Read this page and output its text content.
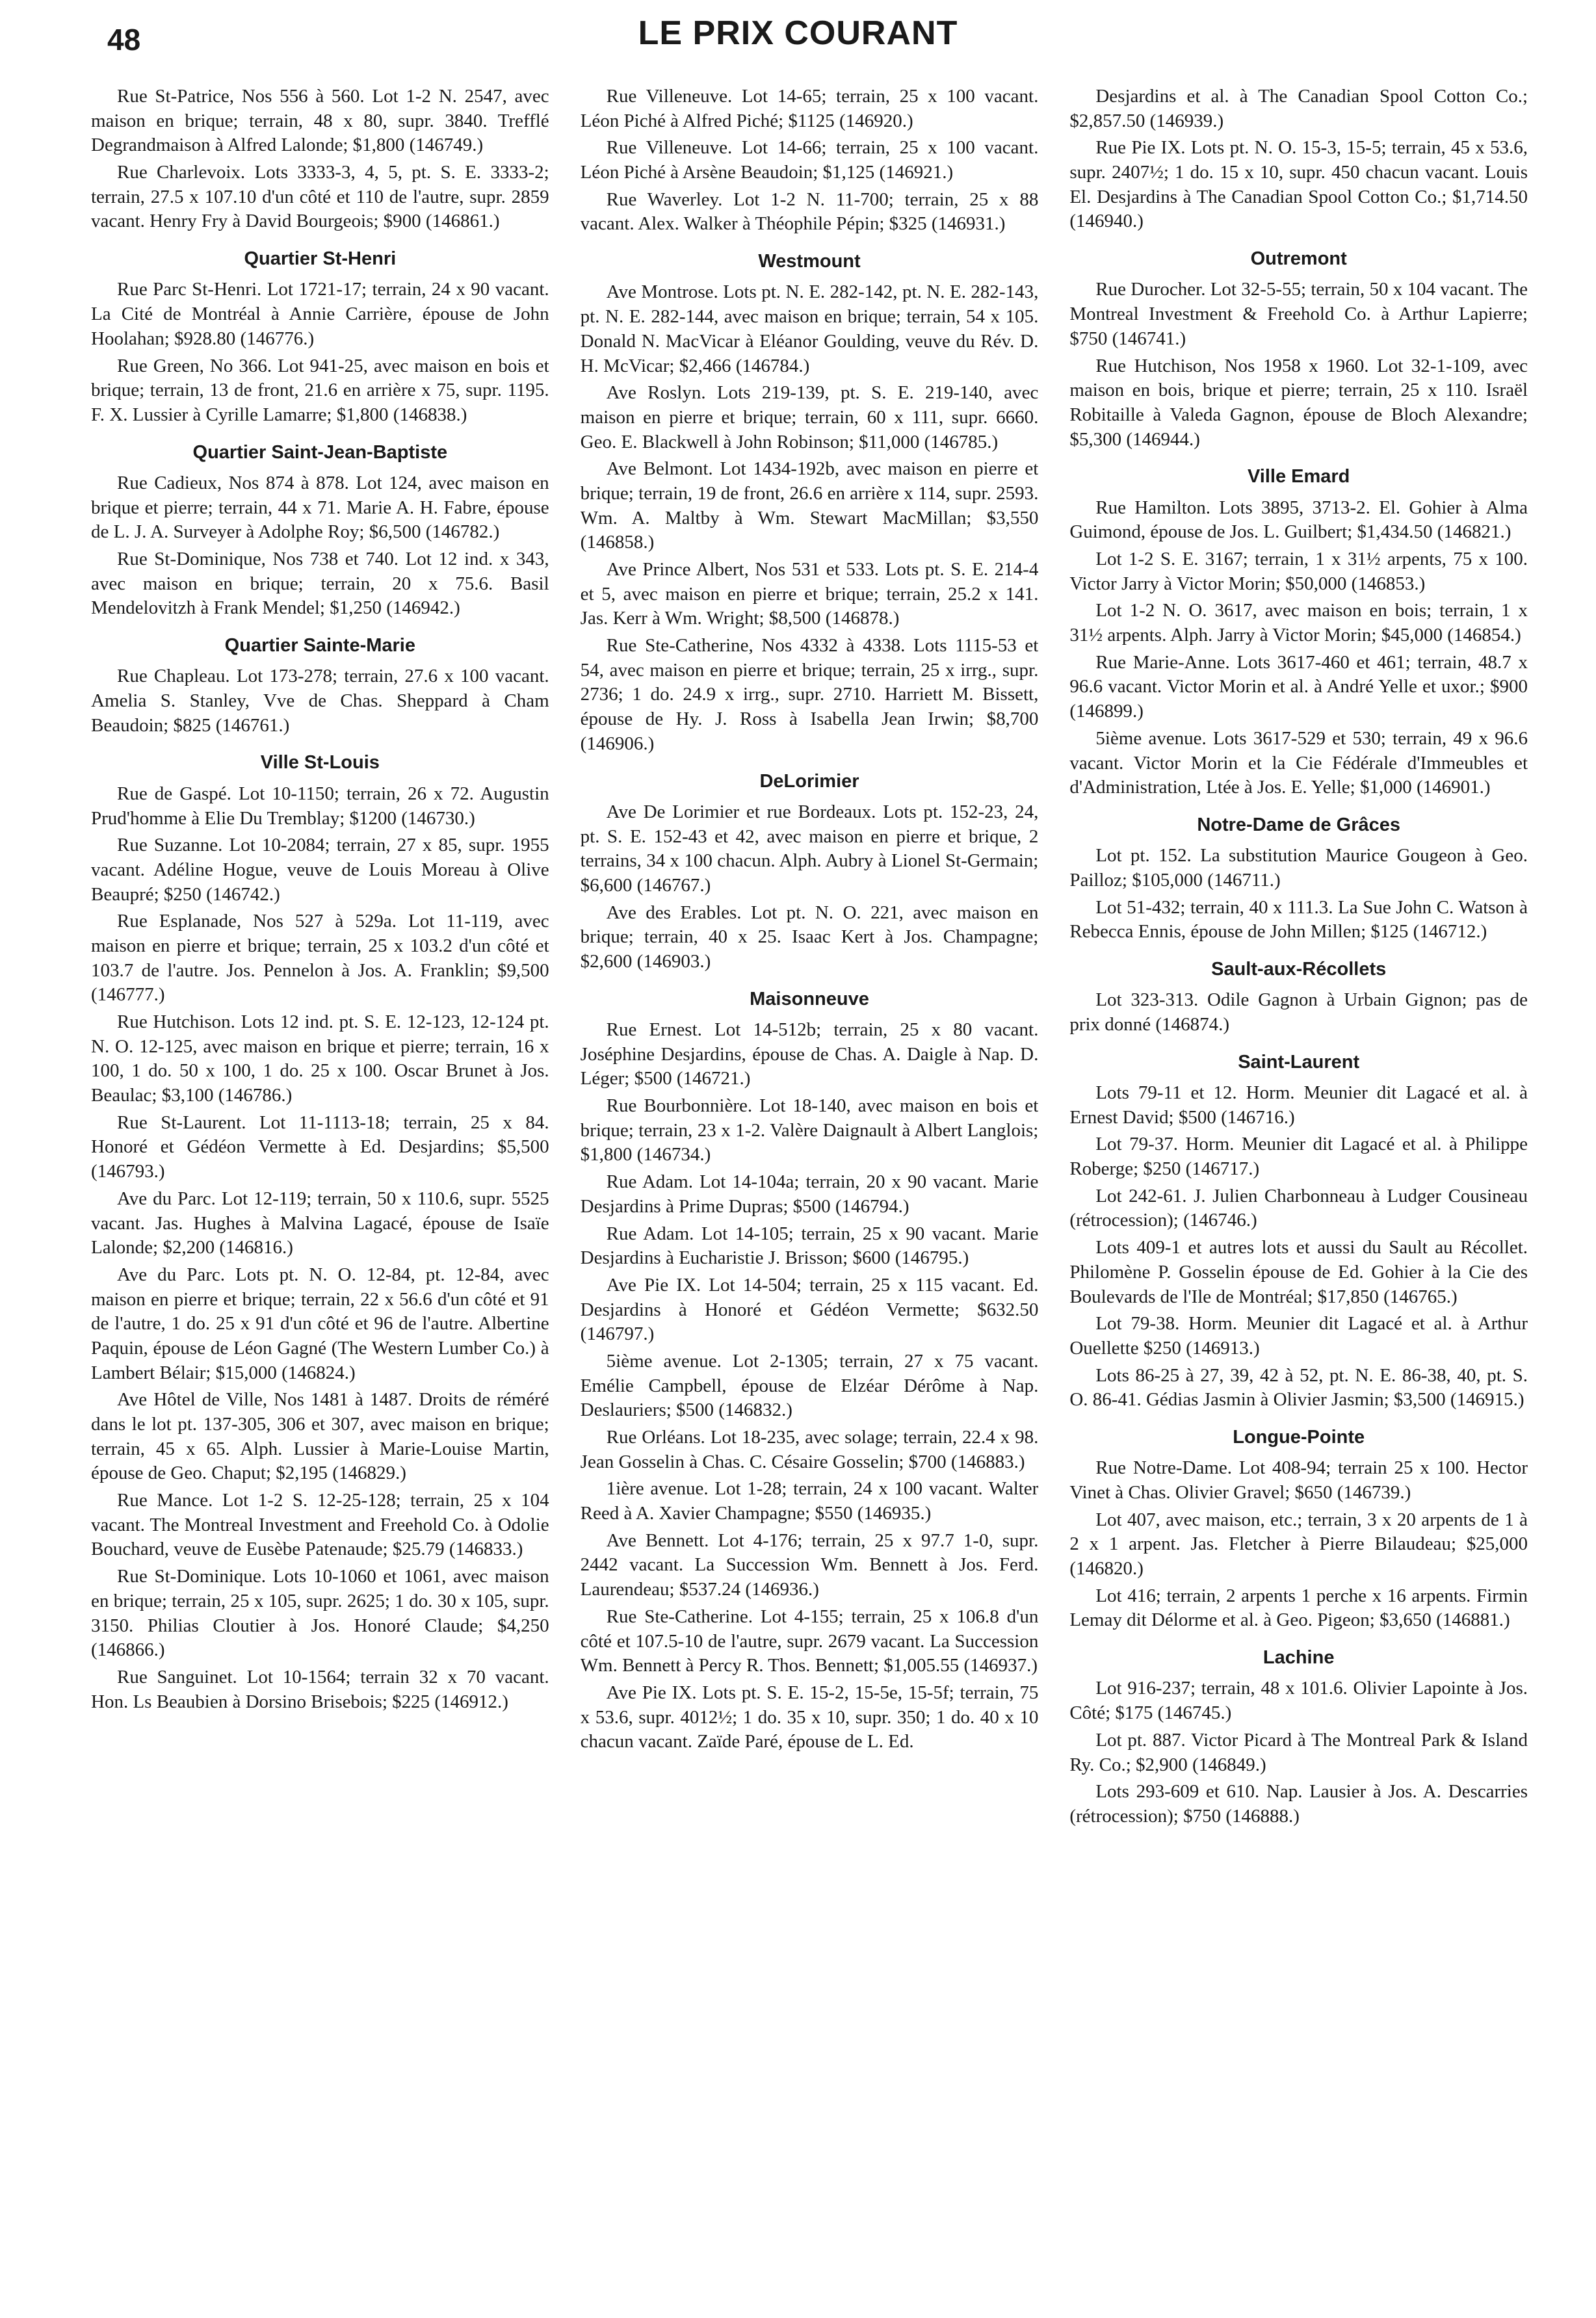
48	LE PRIX COURANT

Rue St-Patrice, Nos 556 à 560. Lot 1-2 N. 2547, avec maison en brique; terrain, 48 x 80, supr. 3840. Trefflé Degrandmaison à Alfred Lalonde; $1,800 (146749.)

Rue Charlevoix. Lots 3333-3, 4, 5, pt. S. E. 3333-2; terrain, 27.5 x 107.10 d'un côté et 110 de l'autre, supr. 2859 vacant. Henry Fry à David Bourgeois; $900 (146861.)

Quartier St-Henri

Rue Parc St-Henri. Lot 1721-17; terrain, 24 x 90 vacant. La Cité de Montréal à Annie Carrière, épouse de John Hoolahan; $928.80 (146776.)

Rue Green, No 366. Lot 941-25, avec maison en bois et brique; terrain, 13 de front, 21.6 en arrière x 75, supr. 1195. F. X. Lussier à Cyrille Lamarre; $1,800 (146838.)

Quartier Saint-Jean-Baptiste

Rue Cadieux, Nos 874 à 878. Lot 124, avec maison en brique et pierre; terrain, 44 x 71. Marie A. H. Fabre, épouse de L. J. A. Surveyer à Adolphe Roy; $6,500 (146782.)

Rue St-Dominique, Nos 738 et 740. Lot 12 ind. x 343, avec maison en brique; terrain, 20 x 75.6. Basil Mendelovitzh à Frank Mendel; $1,250 (146942.)

Quartier Sainte-Marie

Rue Chapleau. Lot 173-278; terrain, 27.6 x 100 vacant. Amelia S. Stanley, Vve de Chas. Sheppard à Cham Beaudoin; $825 (146761.)

Ville St-Louis

Rue de Gaspé. Lot 10-1150; terrain, 26 x 72. Augustin Prud'homme à Elie Du Tremblay; $1200 (146730.)

Rue Suzanne. Lot 10-2084; terrain, 27 x 85, supr. 1955 vacant. Adéline Hogue, veuve de Louis Moreau à Olive Beaupré; $250 (146742.)

Rue Esplanade, Nos 527 à 529a. Lot 11-119, avec maison en pierre et brique; terrain, 25 x 103.2 d'un côté et 103.7 de l'autre. Jos. Pennelon à Jos. A. Franklin; $9,500 (146777.)

Rue Hutchison. Lots 12 ind. pt. S. E. 12-123, 12-124 pt. N. O. 12-125, avec maison en brique et pierre; terrain, 16 x 100, 1 do. 50 x 100, 1 do. 25 x 100. Oscar Brunet à Jos. Beaulac; $3,100 (146786.)

Rue St-Laurent. Lot 11-1113-18; terrain, 25 x 84. Honoré et Gédéon Vermette à Ed. Desjardins; $5,500 (146793.)

Ave du Parc. Lot 12-119; terrain, 50 x 110.6, supr. 5525 vacant. Jas. Hughes à Malvina Lagacé, épouse de Isaïe Lalonde; $2,200 (146816.)

Ave du Parc. Lots pt. N. O. 12-84, pt. 12-84, avec maison en pierre et brique; terrain, 22 x 56.6 d'un côté et 91 de l'autre, 1 do. 25 x 91 d'un côté et 96 de l'autre. Albertine Paquin, épouse de Léon Gagné (The Western Lumber Co.) à Lambert Bélair; $15,000 (146824.)

Ave Hôtel de Ville, Nos 1481 à 1487. Droits de réméré dans le lot pt. 137-305, 306 et 307, avec maison en brique; terrain, 45 x 65. Alph. Lussier à Marie-Louise Martin, épouse de Geo. Chaput; $2,195 (146829.)

Rue Mance. Lot 1-2 S. 12-25-128; terrain, 25 x 104 vacant. The Montreal Investment and Freehold Co. à Odolie Bouchard, veuve de Eusèbe Patenaude; $25.79 (146833.)

Rue St-Dominique. Lots 10-1060 et 1061, avec maison en brique; terrain, 25 x 105, supr. 2625; 1 do. 30 x 105, supr. 3150. Philias Cloutier à Jos. Honoré Claude; $4,250 (146866.)

Rue Sanguinet. Lot 10-1564; terrain 32 x 70 vacant. Hon. Ls Beaubien à Dorsino Brisebois; $225 (146912.)

Rue Villeneuve. Lot 14-65; terrain, 25 x 100 vacant. Léon Piché à Alfred Piché; $1125 (146920.)

Rue Villeneuve. Lot 14-66; terrain, 25 x 100 vacant. Léon Piché à Arsène Beaudoin; $1,125 (146921.)

Rue Waverley. Lot 1-2 N. 11-700; terrain, 25 x 88 vacant. Alex. Walker à Théophile Pépin; $325 (146931.)

Westmount

Ave Montrose. Lots pt. N. E. 282-142, pt. N. E. 282-143, pt. N. E. 282-144, avec maison en brique; terrain, 54 x 105. Donald N. MacVicar à Eléanor Goulding, veuve du Rév. D. H. McVicar; $2,466 (146784.)

Ave Roslyn. Lots 219-139, pt. S. E. 219-140, avec maison en pierre et brique; terrain, 60 x 111, supr. 6660. Geo. E. Blackwell à John Robinson; $11,000 (146785.)

Ave Belmont. Lot 1434-192b, avec maison en pierre et brique; terrain, 19 de front, 26.6 en arrière x 114, supr. 2593. Wm. A. Maltby à Wm. Stewart MacMillan; $3,550 (146858.)

Ave Prince Albert, Nos 531 et 533. Lots pt. S. E. 214-4 et 5, avec maison en pierre et brique; terrain, 25.2 x 141. Jas. Kerr à Wm. Wright; $8,500 (146878.)

Rue Ste-Catherine, Nos 4332 à 4338. Lots 1115-53 et 54, avec maison en pierre et brique; terrain, 25 x irrg., supr. 2736; 1 do. 24.9 x irrg., supr. 2710. Harriett M. Bissett, épouse de Hy. J. Ross à Isabella Jean Irwin; $8,700 (146906.)

DeLorimier

Ave De Lorimier et rue Bordeaux. Lots pt. 152-23, 24, pt. S. E. 152-43 et 42, avec maison en pierre et brique, 2 terrains, 34 x 100 chacun. Alph. Aubry à Lionel St-Germain; $6,600 (146767.)

Ave des Erables. Lot pt. N. O. 221, avec maison en brique; terrain, 40 x 25. Isaac Kert à Jos. Champagne; $2,600 (146903.)

Maisonneuve

Rue Ernest. Lot 14-512b; terrain, 25 x 80 vacant. Joséphine Desjardins, épouse de Chas. A. Daigle à Nap. D. Léger; $500 (146721.)

Rue Bourbonnière. Lot 18-140, avec maison en bois et brique; terrain, 23 x 1-2. Valère Daignault à Albert Langlois; $1,800 (146734.)

Rue Adam. Lot 14-104a; terrain, 20 x 90 vacant. Marie Desjardins à Prime Dupras; $500 (146794.)

Rue Adam. Lot 14-105; terrain, 25 x 90 vacant. Marie Desjardins à Eucharistie J. Brisson; $600 (146795.)

Ave Pie IX. Lot 14-504; terrain, 25 x 115 vacant. Ed. Desjardins à Honoré et Gédéon Vermette; $632.50 (146797.)

5ième avenue. Lot 2-1305; terrain, 27 x 75 vacant. Emélie Campbell, épouse de Elzéar Dérôme à Nap. Deslauriers; $500 (146832.)

Rue Orléans. Lot 18-235, avec solage; terrain, 22.4 x 98. Jean Gosselin à Chas. C. Césaire Gosselin; $700 (146883.)

1ière avenue. Lot 1-28; terrain, 24 x 100 vacant. Walter Reed à A. Xavier Champagne; $550 (146935.)

Ave Bennett. Lot 4-176; terrain, 25 x 97.7 1-0, supr. 2442 vacant. La Succession Wm. Bennett à Jos. Ferd. Laurendeau; $537.24 (146936.)

Rue Ste-Catherine. Lot 4-155; terrain, 25 x 106.8 d'un côté et 107.5-10 de l'autre, supr. 2679 vacant. La Succession Wm. Bennett à Percy R. Thos. Bennett; $1,005.55 (146937.)

Ave Pie IX. Lots pt. S. E. 15-2, 15-5e, 15-5f; terrain, 75 x 53.6, supr. 4012½; 1 do. 35 x 10, supr. 350; 1 do. 40 x 10 chacun vacant. Zaïde Paré, épouse de L. Ed.

Desjardins et al. à The Canadian Spool Cotton Co.; $2,857.50 (146939.)

Rue Pie IX. Lots pt. N. O. 15-3, 15-5; terrain, 45 x 53.6, supr. 2407½; 1 do. 15 x 10, supr. 450 chacun vacant. Louis El. Desjardins à The Canadian Spool Cotton Co.; $1,714.50 (146940.)

Outremont

Rue Durocher. Lot 32-5-55; terrain, 50 x 104 vacant. The Montreal Investment & Freehold Co. à Arthur Lapierre; $750 (146741.)

Rue Hutchison, Nos 1958 x 1960. Lot 32-1-109, avec maison en bois, brique et pierre; terrain, 25 x 110. Israël Robitaille à Valeda Gagnon, épouse de Bloch Alexandre; $5,300 (146944.)

Ville Emard

Rue Hamilton. Lots 3895, 3713-2. El. Gohier à Alma Guimond, épouse de Jos. L. Guilbert; $1,434.50 (146821.)

Lot 1-2 S. E. 3167; terrain, 1 x 31½ arpents, 75 x 100. Victor Jarry à Victor Morin; $50,000 (146853.)

Lot 1-2 N. O. 3617, avec maison en bois; terrain, 1 x 31½ arpents. Alph. Jarry à Victor Morin; $45,000 (146854.)

Rue Marie-Anne. Lots 3617-460 et 461; terrain, 48.7 x 96.6 vacant. Victor Morin et al. à André Yelle et uxor.; $900 (146899.)

5ième avenue. Lots 3617-529 et 530; terrain, 49 x 96.6 vacant. Victor Morin et la Cie Fédérale d'Immeubles et d'Administration, Ltée à Jos. E. Yelle; $1,000 (146901.)

Notre-Dame de Grâces

Lot pt. 152. La substitution Maurice Gougeon à Geo. Pailloz; $105,000 (146711.)

Lot 51-432; terrain, 40 x 111.3. La Sue John C. Watson à Rebecca Ennis, épouse de John Millen; $125 (146712.)

Sault-aux-Récollets

Lot 323-313. Odile Gagnon à Urbain Gignon; pas de prix donné (146874.)

Saint-Laurent

Lots 79-11 et 12. Horm. Meunier dit Lagacé et al. à Ernest David; $500 (146716.)

Lot 79-37. Horm. Meunier dit Lagacé et al. à Philippe Roberge; $250 (146717.)

Lot 242-61. J. Julien Charbonneau à Ludger Cousineau (rétrocession); (146746.)

Lots 409-1 et autres lots et aussi du Sault au Récollet. Philomène P. Gosselin épouse de Ed. Gohier à la Cie des Boulevards de l'Ile de Montréal; $17,850 (146765.)

Lot 79-38. Horm. Meunier dit Lagacé et al. à Arthur Ouellette $250 (146913.)

Lots 86-25 à 27, 39, 42 à 52, pt. N. E. 86-38, 40, pt. S. O. 86-41. Gédias Jasmin à Olivier Jasmin; $3,500 (146915.)

Longue-Pointe

Rue Notre-Dame. Lot 408-94; terrain 25 x 100. Hector Vinet à Chas. Olivier Gravel; $650 (146739.)

Lot 407, avec maison, etc.; terrain, 3 x 20 arpents de 1 à 2 x 1 arpent. Jas. Fletcher à Pierre Bilaudeau; $25,000 (146820.)

Lot 416; terrain, 2 arpents 1 perche x 16 arpents. Firmin Lemay dit Délorme et al. à Geo. Pigeon; $3,650 (146881.)

Lachine

Lot 916-237; terrain, 48 x 101.6. Olivier Lapointe à Jos. Côté; $175 (146745.)

Lot pt. 887. Victor Picard à The Montreal Park & Island Ry. Co.; $2,900 (146849.)

Lots 293-609 et 610. Nap. Lausier à Jos. A. Descarries (rétrocession); $750 (146888.)
